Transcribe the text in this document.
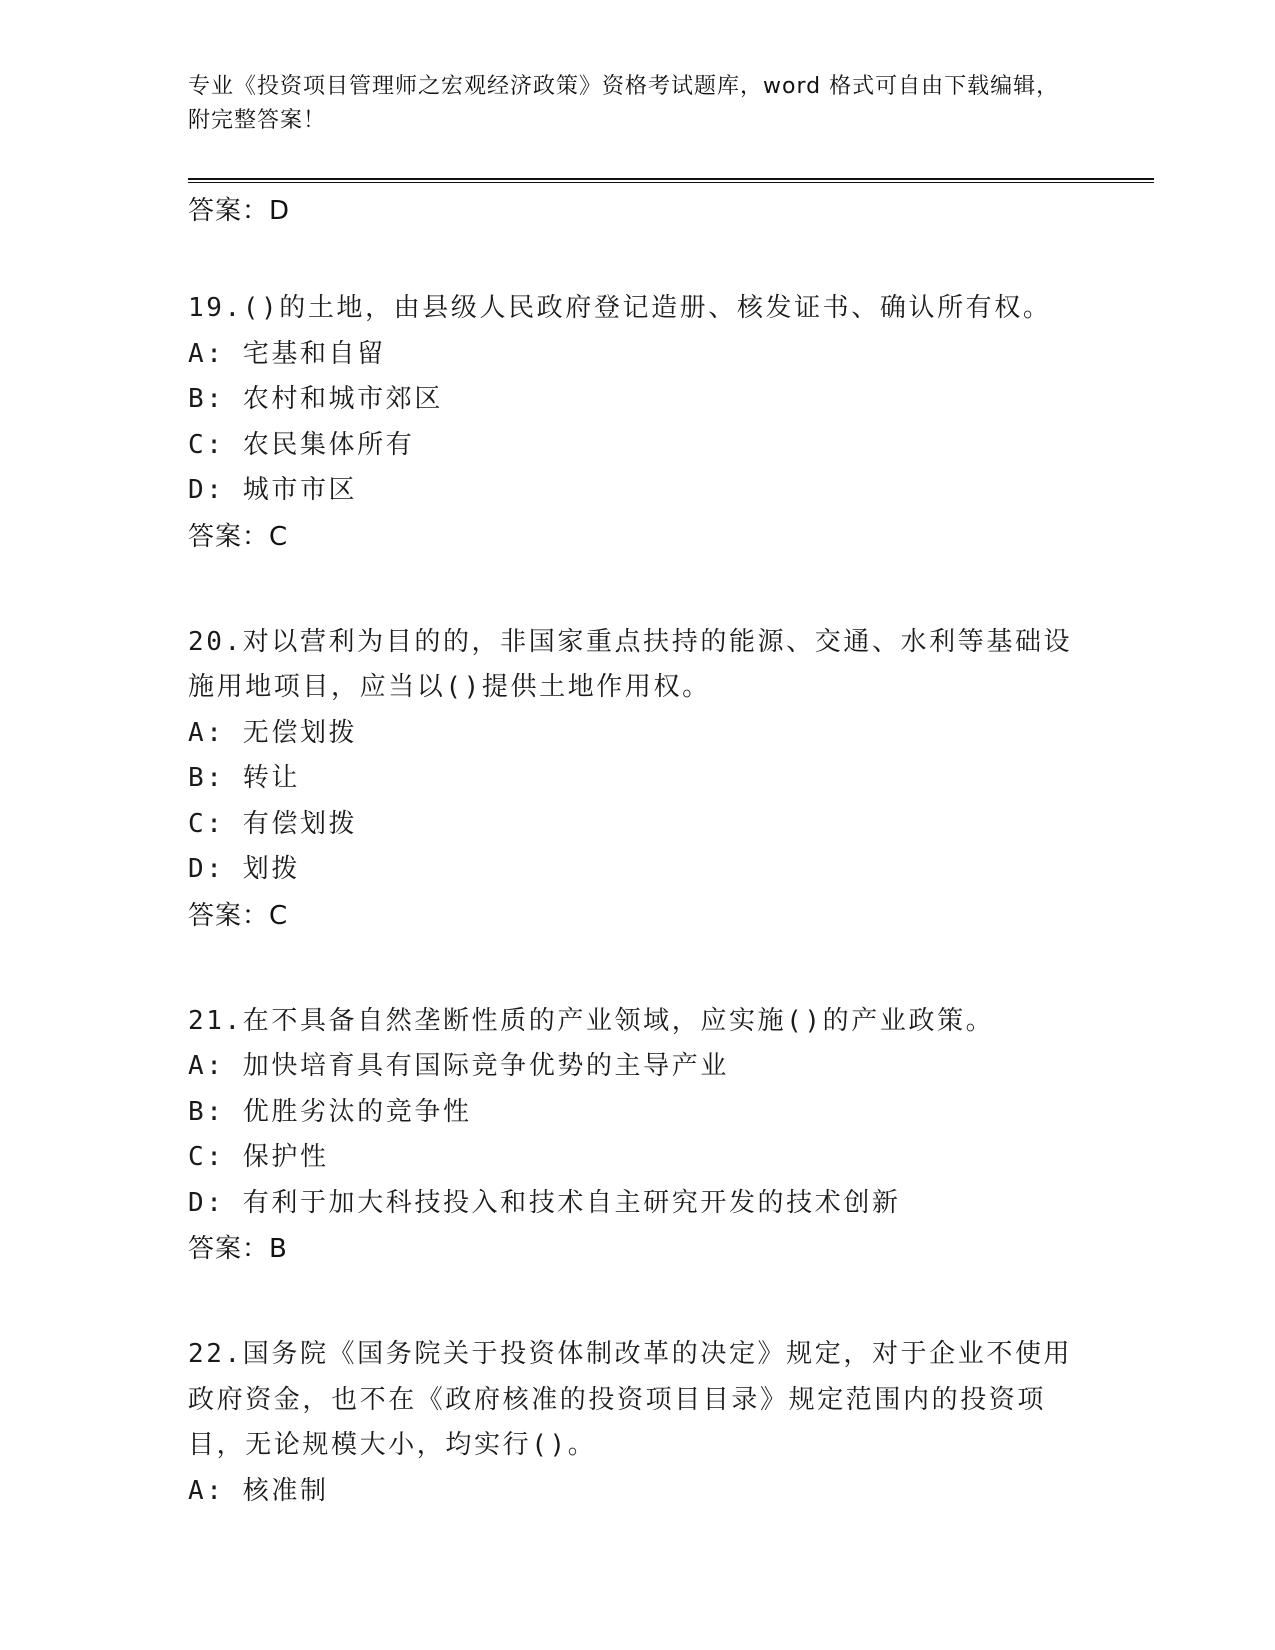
专业《投资项目管理师之宏观经济政策》资格考试题库，word 格式可自由下载编辑，附完整答案！
答案：D
19.()的土地，由县级人民政府登记造册、核发证书、确认所有权。
A: 宅基和自留
B: 农村和城市郊区
C: 农民集体所有
D: 城市市区
答案：C
20.对以营利为目的的，非国家重点扶持的能源、交通、水利等基础设施用地项目，应当以()提供土地作用权。
A: 无偿划拨
B: 转让
C: 有偿划拨
D: 划拨
答案：C
21.在不具备自然垄断性质的产业领域，应实施()的产业政策。
A: 加快培育具有国际竞争优势的主导产业
B: 优胜劣汰的竞争性
C: 保护性
D: 有利于加大科技投入和技术自主研究开发的技术创新
答案：B
22.国务院《国务院关于投资体制改革的决定》规定，对于企业不使用政府资金，也不在《政府核准的投资项目目录》规定范围内的投资项目，无论规模大小，均实行()。
A: 核准制
